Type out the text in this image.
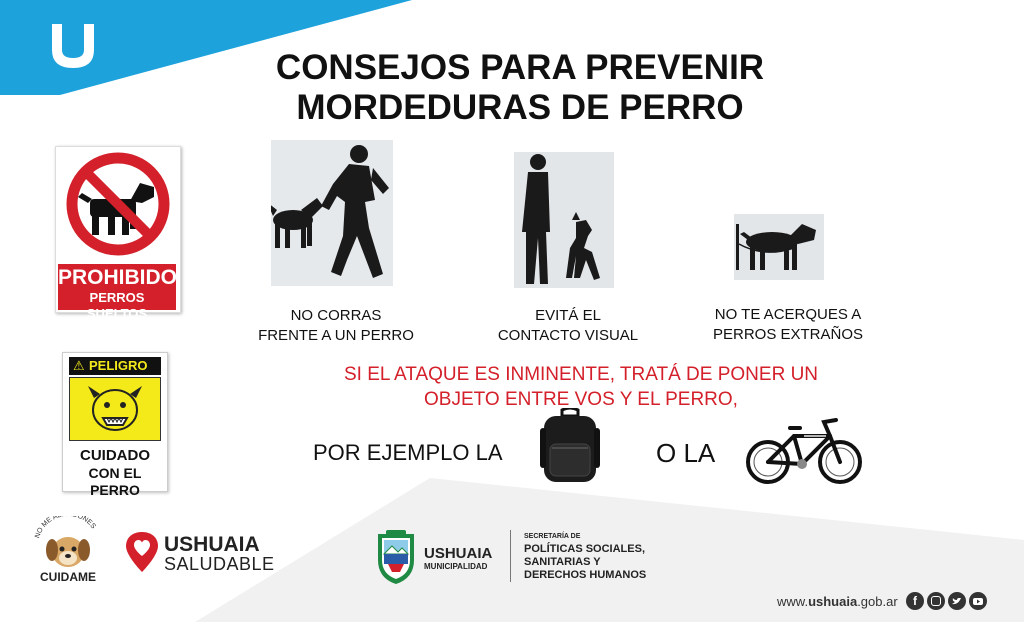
CONSEJOS PARA PREVENIR
MORDEDURAS DE PERRO
PROHIBIDO
PERROS SUELTOS
⚠ PELIGRO
CUIDADO
CON EL PERRO
NO CORRAS
FRENTE A UN PERRO
EVITÁ EL
CONTACTO VISUAL
NO TE ACERQUES A
PERROS EXTRAÑOS
SI EL ATAQUE ES INMINENTE, TRATÁ DE PONER UN
OBJETO ENTRE VOS Y EL PERRO,
POR EJEMPLO LA	O LA
NO ME A ONES
CUIDAME
USHUAIA
SALUDABLE
USHUAIA
MUNICIPALIDAD
SECRETARÍA DE
POLÍTICAS SOCIALES,
SANITARIAS Y
DERECHOS HUMANOS
www.ushuaia.gob.ar	f
